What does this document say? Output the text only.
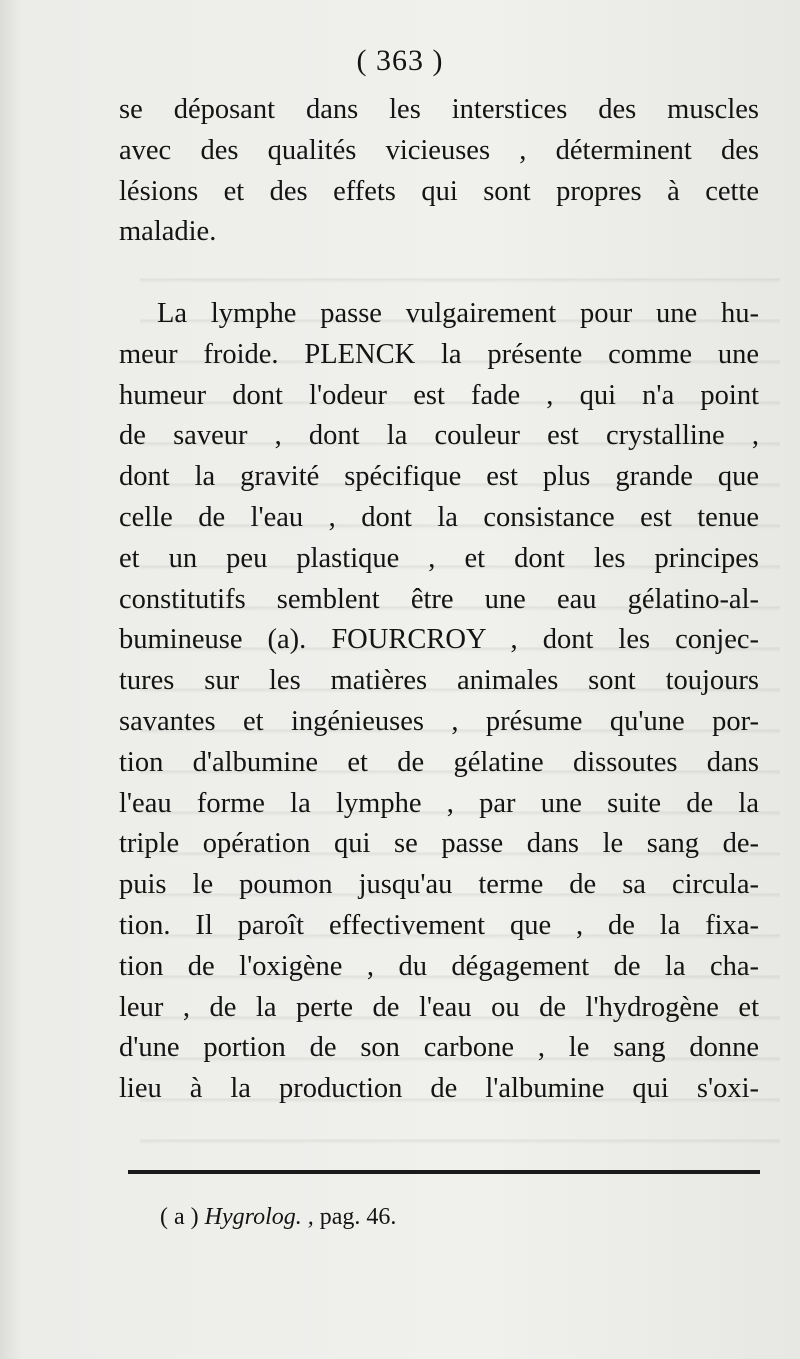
( 363 )
se déposant dans les interstices des muscles
avec des qualités vicieuses , déterminent des
lésions et des effets qui sont propres à cette
maladie.
La lymphe passe vulgairement pour une hu-
meur froide. PLENCK la présente comme une
humeur dont l'odeur est fade , qui n'a point
de saveur , dont la couleur est crystalline ,
dont la gravité spécifique est plus grande que
celle de l'eau , dont la consistance est tenue
et un peu plastique , et dont les principes
constitutifs semblent être une eau gélatino-al-
bumineuse (a). FOURCROY , dont les conjec-
tures sur les matières animales sont toujours
savantes et ingénieuses , présume qu'une por-
tion d'albumine et de gélatine dissoutes dans
l'eau forme la lymphe , par une suite de la
triple opération qui se passe dans le sang de-
puis le poumon jusqu'au terme de sa circula-
tion. Il paroît effectivement que , de la fixa-
tion de l'oxigène , du dégagement de la cha-
leur , de la perte de l'eau ou de l'hydrogène et
d'une portion de son carbone , le sang donne
lieu à la production de l'albumine qui s'oxi-
( a ) Hygrolog. , pag. 46.
